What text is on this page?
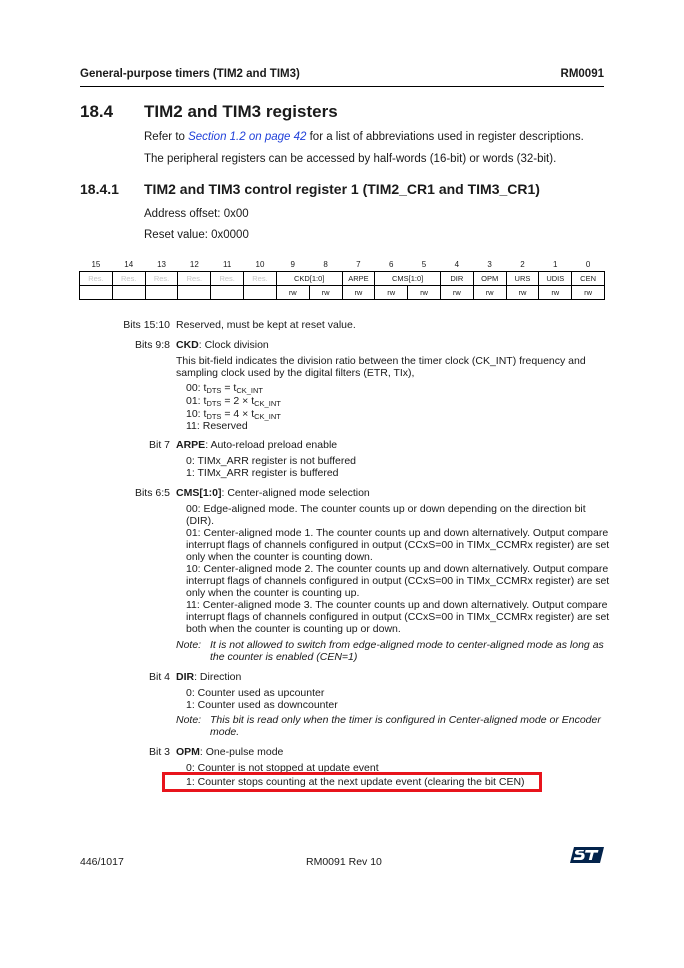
General-purpose timers (TIM2 and TIM3)	RM0091
18.4 TIM2 and TIM3 registers
Refer to Section 1.2 on page 42 for a list of abbreviations used in register descriptions.
The peripheral registers can be accessed by half-words (16-bit) or words (32-bit).
18.4.1 TIM2 and TIM3 control register 1 (TIM2_CR1 and TIM3_CR1)
Address offset: 0x00
Reset value: 0x0000
15	14	13	12	11	10	9	8	7	6	5	4	3	2	1	0
Res.	Res.	Res.	Res.	Res.	Res.	CKD[1:0]		ARPE	CMS[1:0]		DIR	OPM	URS	UDIS	CEN
						rw	rw	rw	rw	rw	rw	rw	rw	rw	rw
Bits 15:10 Reserved, must be kept at reset value.
Bits 9:8 CKD: Clock division
This bit-field indicates the division ratio between the timer clock (CK_INT) frequency and
sampling clock used by the digital filters (ETR, TIx),
00: $t_{DTS} = t_{CK\_INT}$
01: $t_{DTS} = 2 \times t_{CK\_INT}$
10: $t_{DTS} = 4 \times t_{CK\_INT}$
11: Reserved
Bit 7 ARPE: Auto-reload preload enable
0: TIMx_ARR register is not buffered
1: TIMx_ARR register is buffered
Bits 6:5 CMS[1:0]: Center-aligned mode selection
00: Edge-aligned mode. The counter counts up or down depending on the direction bit
(DIR).
01: Center-aligned mode 1. The counter counts up and down alternatively. Output compare
interrupt flags of channels configured in output (CCxS=00 in TIMx_CCMRx register) are set
only when the counter is counting down.
10: Center-aligned mode 2. The counter counts up and down alternatively. Output compare
interrupt flags of channels configured in output (CCxS=00 in TIMx_CCMRx register) are set
only when the counter is counting up.
11: Center-aligned mode 3. The counter counts up and down alternatively. Output compare
interrupt flags of channels configured in output (CCxS=00 in TIMx_CCMRx register) are set
both when the counter is counting up or down.
Note: It is not allowed to switch from edge-aligned mode to center-aligned mode as long as
the counter is enabled (CEN=1)
Bit 4 DIR: Direction
0: Counter used as upcounter
1: Counter used as downcounter
Note: This bit is read only when the timer is configured in Center-aligned mode or Encoder
mode.
Bit 3 OPM: One-pulse mode
0: Counter is not stopped at update event
1: Counter stops counting at the next update event (clearing the bit CEN)
446/1017	RM0091 Rev 10
